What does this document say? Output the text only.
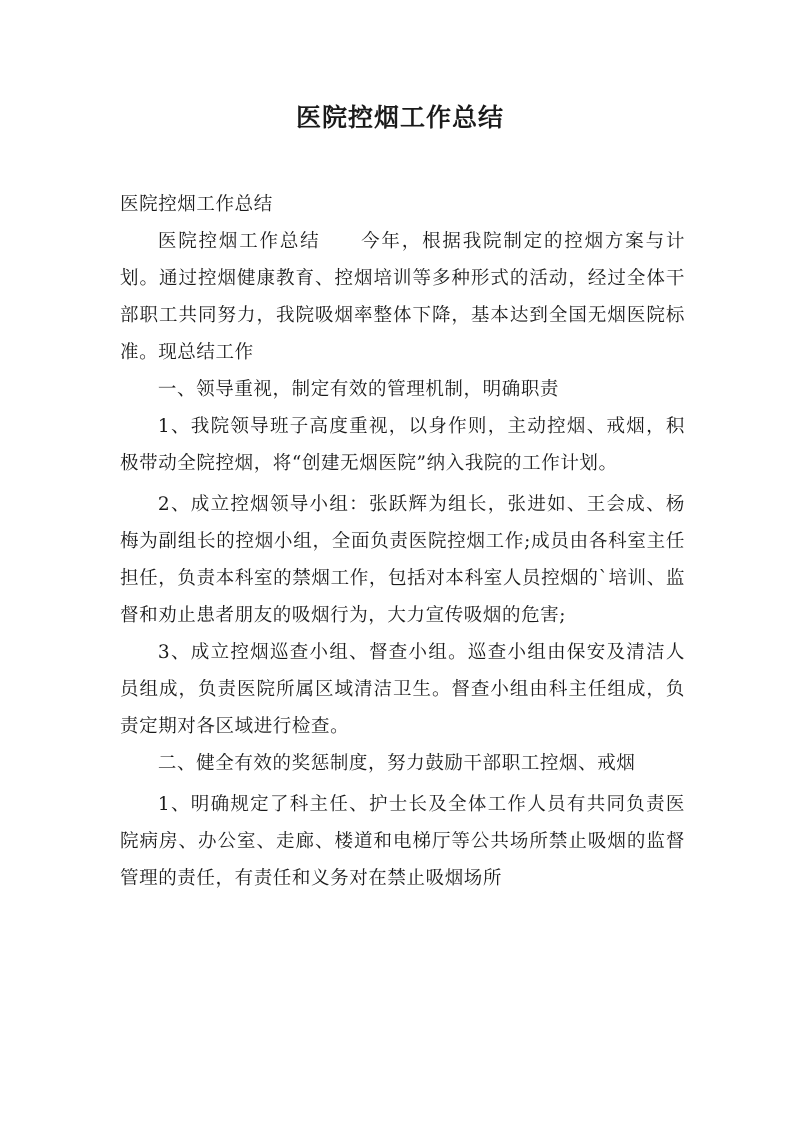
医院控烟工作总结

医院控烟工作总结

医院控烟工作总结　　今年，根据我院制定的控烟方案与计划。通过控烟健康教育、控烟培训等多种形式的活动，经过全体干部职工共同努力，我院吸烟率整体下降，基本达到全国无烟医院标准。现总结工作

一、领导重视，制定有效的管理机制，明确职责

1、我院领导班子高度重视，以身作则，主动控烟、戒烟，积极带动全院控烟，将“创建无烟医院”纳入我院的工作计划。

2、成立控烟领导小组：张跃辉为组长，张进如、王会成、杨梅为副组长的控烟小组，全面负责医院控烟工作;成员由各科室主任担任，负责本科室的禁烟工作，包括对本科室人员控烟的`培训、监督和劝止患者朋友的吸烟行为，大力宣传吸烟的危害;

3、成立控烟巡查小组、督查小组。巡查小组由保安及清洁人员组成，负责医院所属区域清洁卫生。督查小组由科主任组成，负责定期对各区域进行检查。

二、健全有效的奖惩制度，努力鼓励干部职工控烟、戒烟

1、明确规定了科主任、护士长及全体工作人员有共同负责医院病房、办公室、走廊、楼道和电梯厅等公共场所禁止吸烟的监督管理的责任，有责任和义务对在禁止吸烟场所
